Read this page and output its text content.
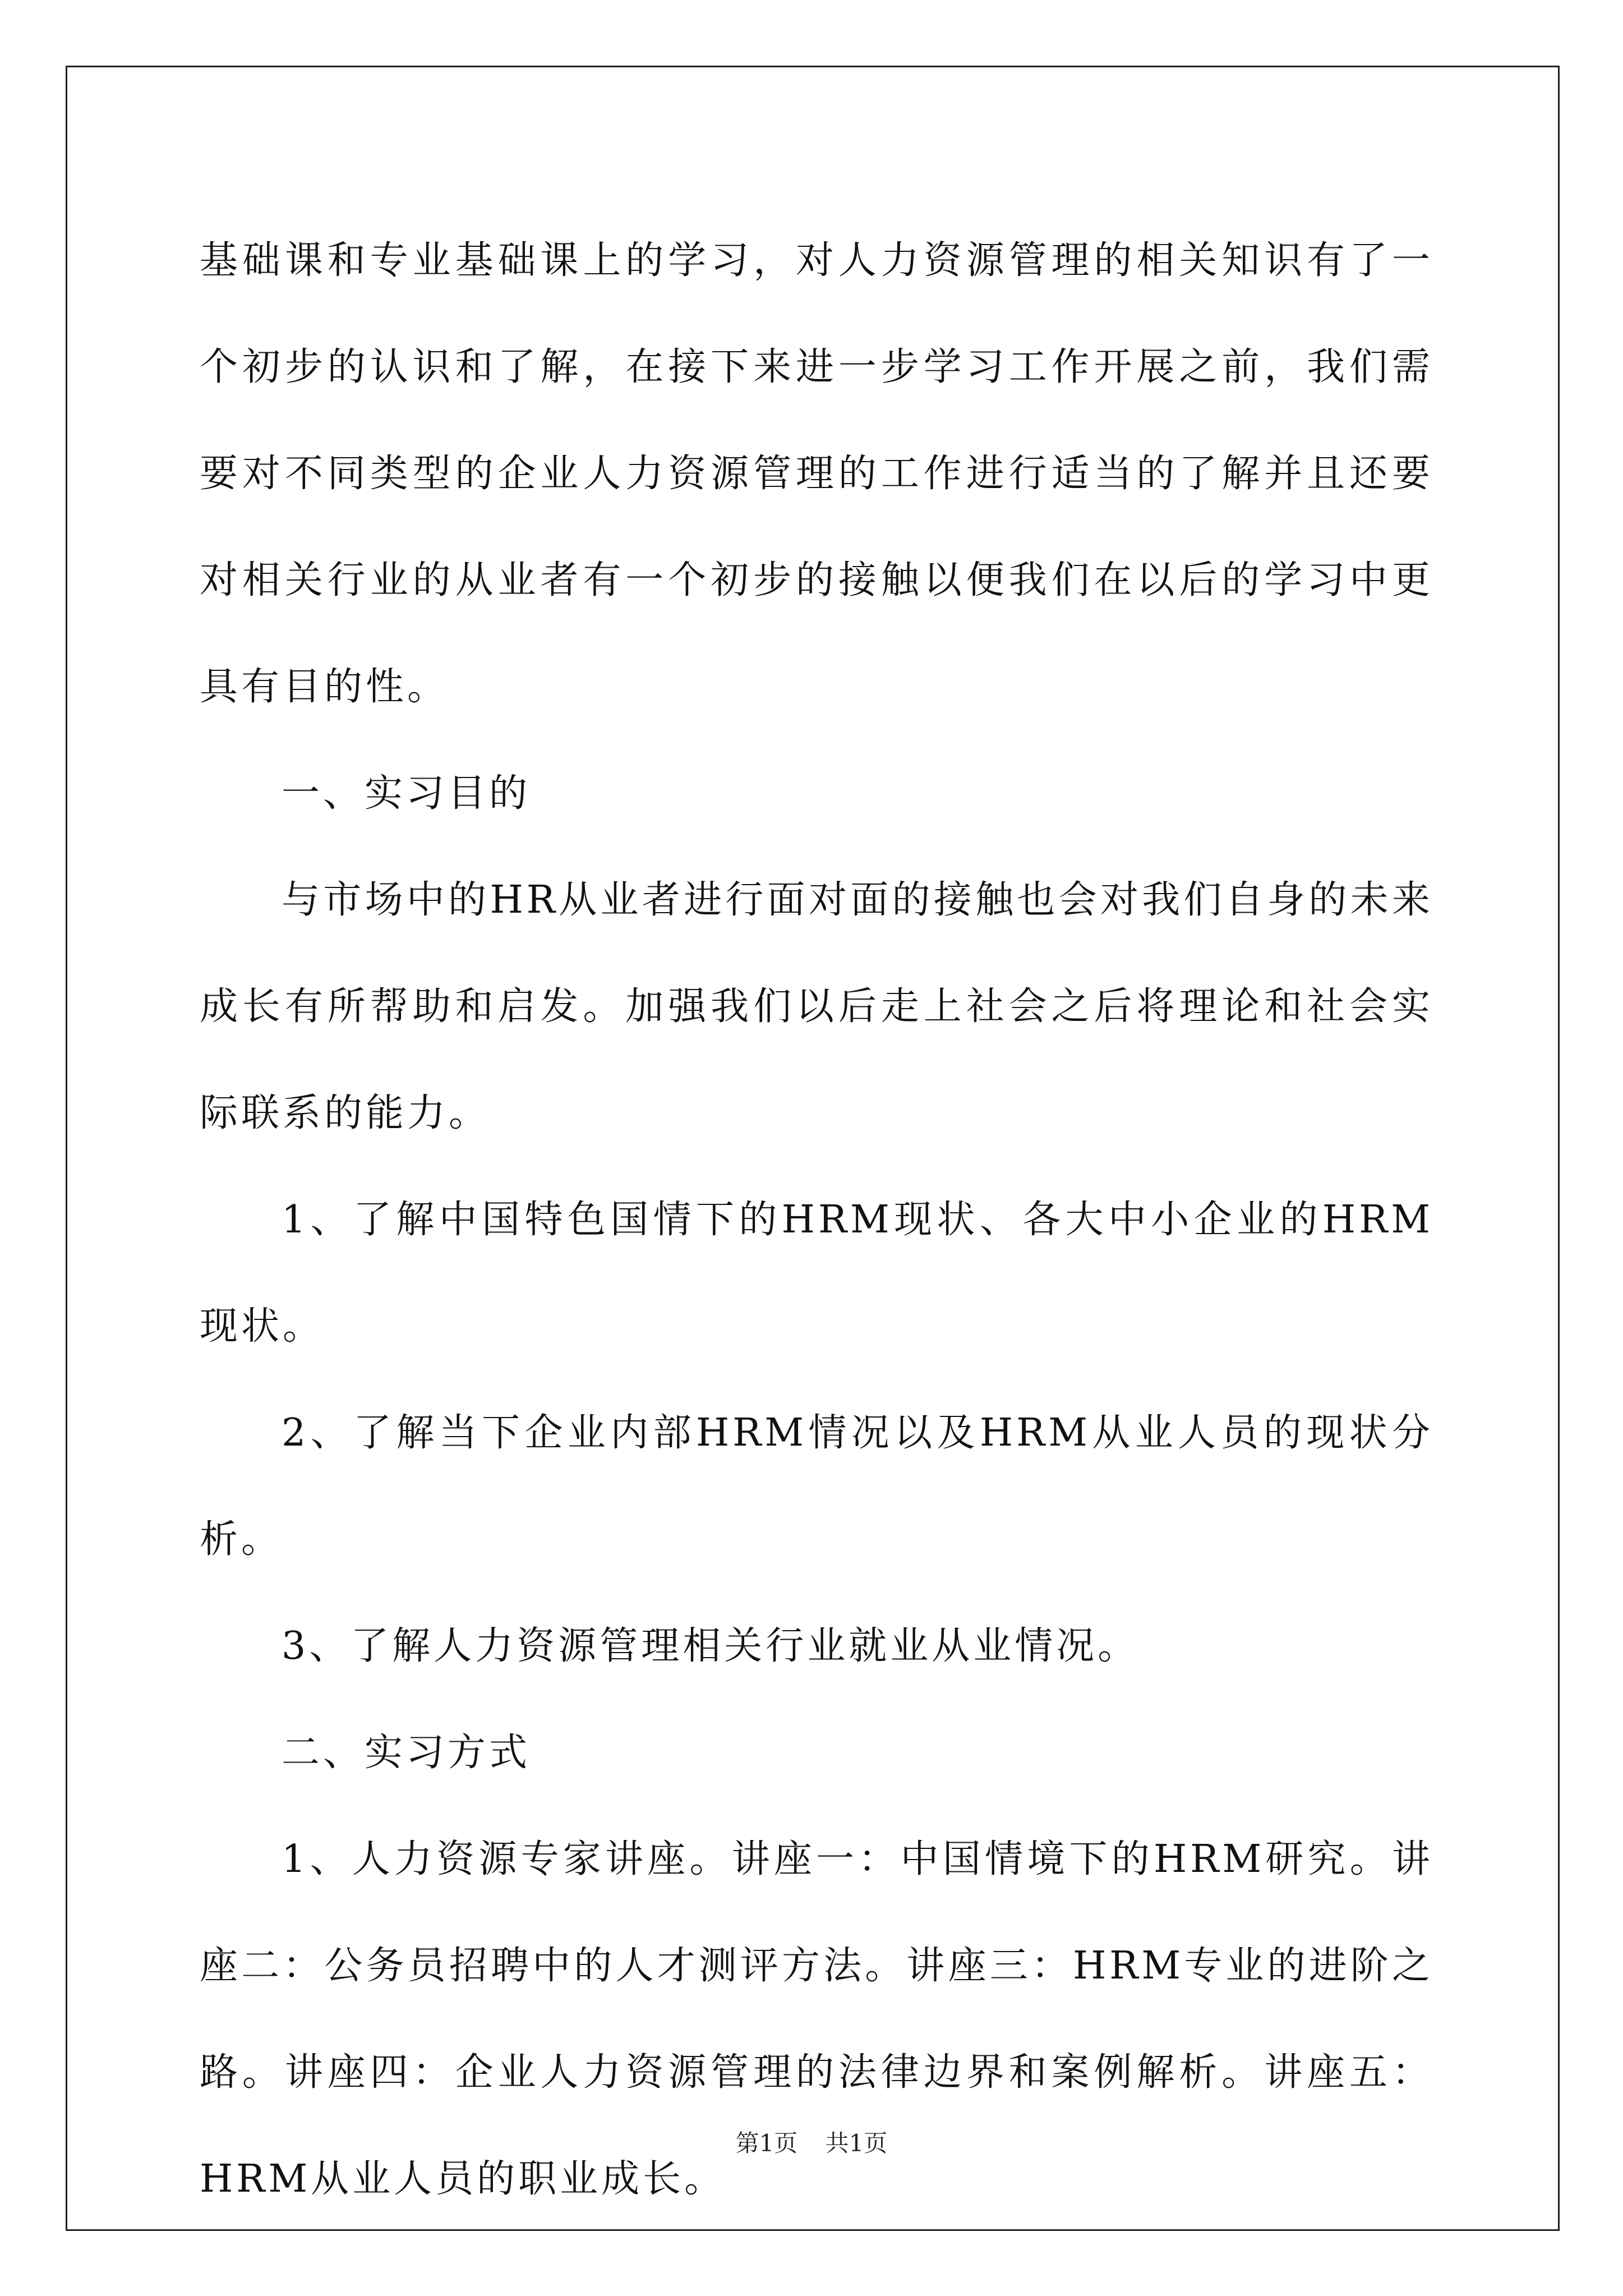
基础课和专业基础课上的学习，对人力资源管理的相关知识有了一个初步的认识和了解，在接下来进一步学习工作开展之前，我们需要对不同类型的企业人力资源管理的工作进行适当的了解并且还要对相关行业的从业者有一个初步的接触以便我们在以后的学习中更具有目的性。

一、实习目的

与市场中的HR从业者进行面对面的接触也会对我们自身的未来成长有所帮助和启发。加强我们以后走上社会之后将理论和社会实际联系的能力。

1、了解中国特色国情下的HRM现状、各大中小企业的HRM现状。

2、了解当下企业内部HRM情况以及HRM从业人员的现状分析。

3、了解人力资源管理相关行业就业从业情况。

二、实习方式

1、人力资源专家讲座。讲座一：中国情境下的HRM研究。讲座二：公务员招聘中的人才测评方法。讲座三：HRM专业的进阶之路。讲座四：企业人力资源管理的法律边界和案例解析。讲座五：HRM从业人员的职业成长。

第1页 共1页
